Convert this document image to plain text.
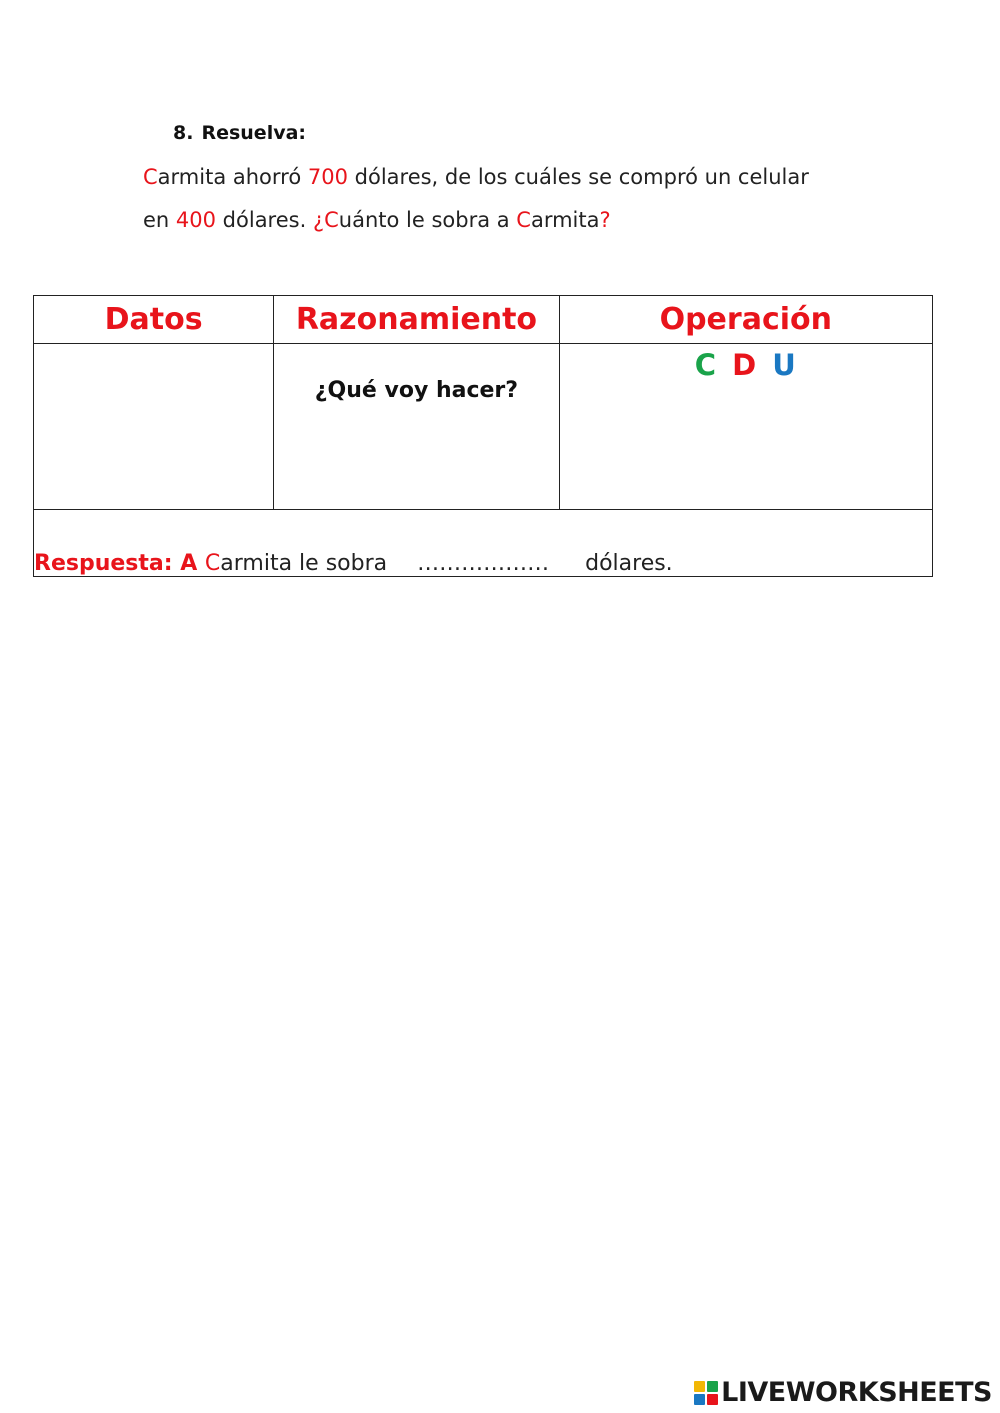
8. Resuelva:
Carmita ahorró 700 dólares, de los cuáles se compró un celular
en 400 dólares. ¿Cuánto le sobra a Carmita?
Datos	Razonamiento	Operación

	¿Qué voy hacer?	C D U

Respuesta: A Carmita le sobra ……………… dólares.		
LIVEWORKSHEETS
